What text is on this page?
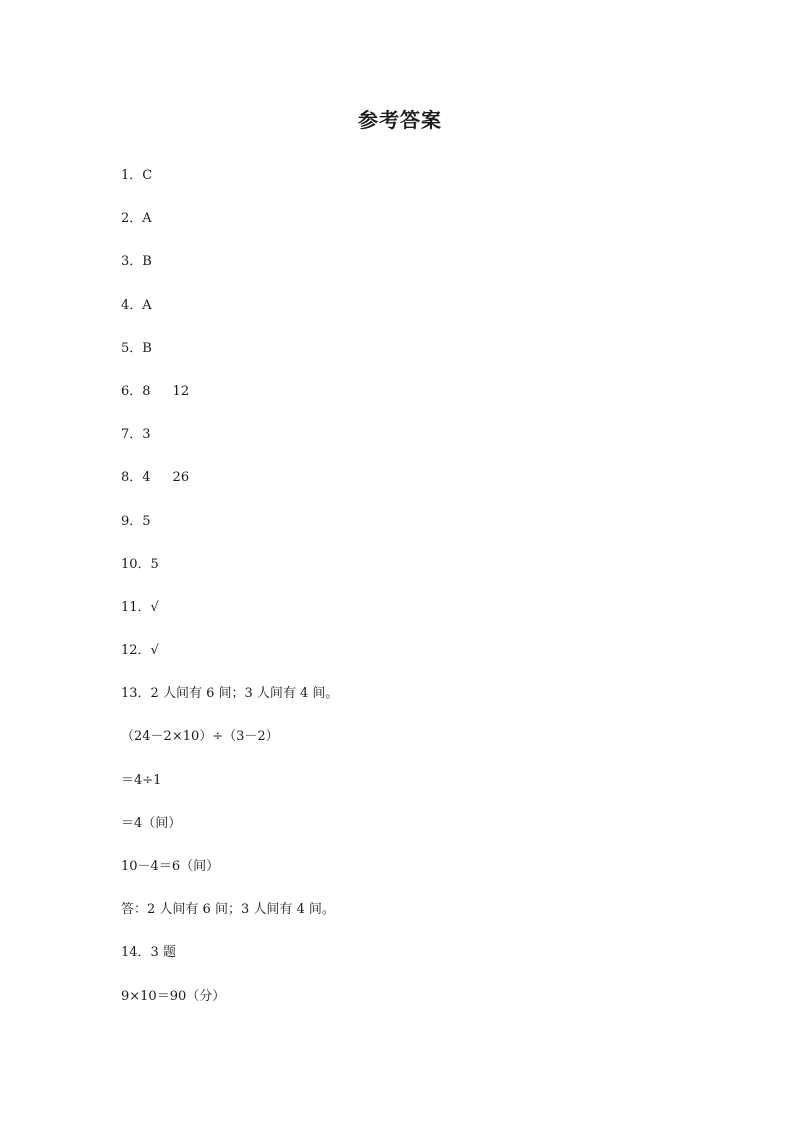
参考答案
1．C
2．A
3．B
4．A
5．B
6．8 12
7．3
8．4 26
9．5
10．5
11．√
12．√
13．2 人间有 6 间；3 人间有 4 间。
（24－2×10）÷（3－2）
＝4÷1
＝4（间）
10－4＝6（间）
答：2 人间有 6 间；3 人间有 4 间。
14．3 题
9×10＝90（分）
